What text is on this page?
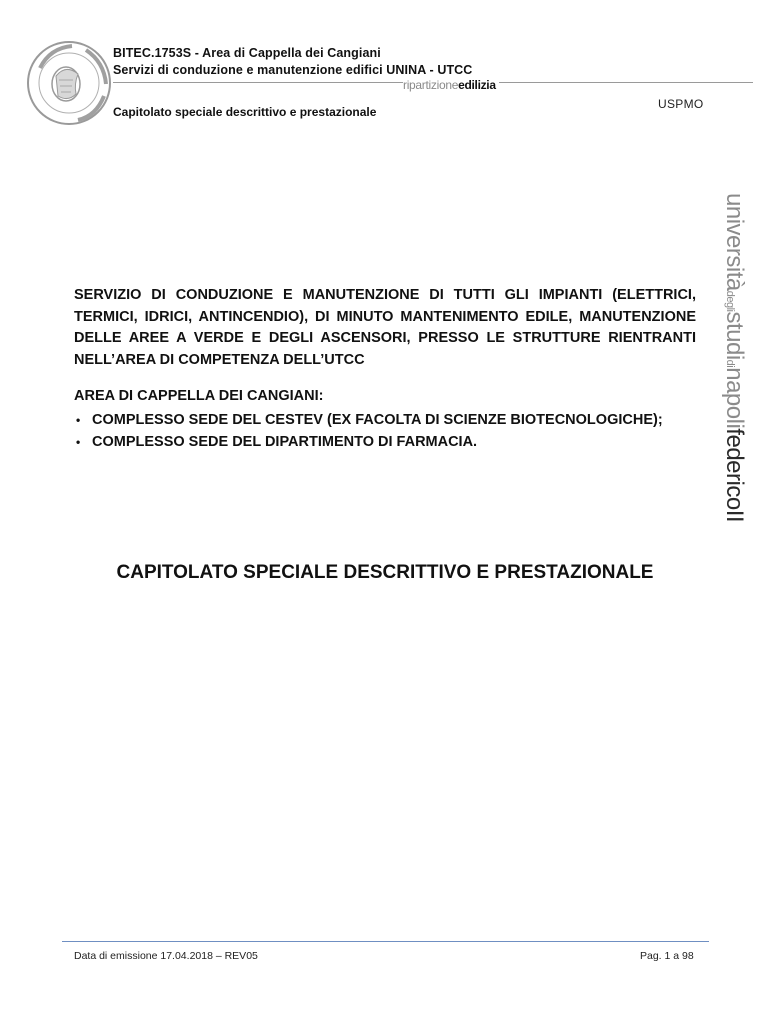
BITEC.1753S - Area di Cappella dei Cangiani
Servizi di conduzione e manutenzione edifici UNINA - UTCC
ripartizioneedilizia
Capitolato speciale descrittivo e prestazionale
USPMO
universitàdeglistudidinapolifedericoII
SERVIZIO DI CONDUZIONE E MANUTENZIONE DI TUTTI GLI IMPIANTI (ELETTRICI, TERMICI, IDRICI, ANTINCENDIO), DI MINUTO MANTENIMENTO EDILE, MANUTENZIONE DELLE AREE A VERDE E DEGLI ASCENSORI, PRESSO LE STRUTTURE RIENTRANTI NELL’AREA DI COMPETENZA DELL’UTCC
AREA DI CAPPELLA DEI CANGIANI:
• COMPLESSO SEDE DEL CESTEV (EX FACOLTA DI SCIENZE BIOTECNOLOGICHE);
• COMPLESSO SEDE DEL DIPARTIMENTO DI FARMACIA.
CAPITOLATO SPECIALE DESCRITTIVO E PRESTAZIONALE
Data di emissione 17.04.2018 – REV05	Pag. 1 a 98
